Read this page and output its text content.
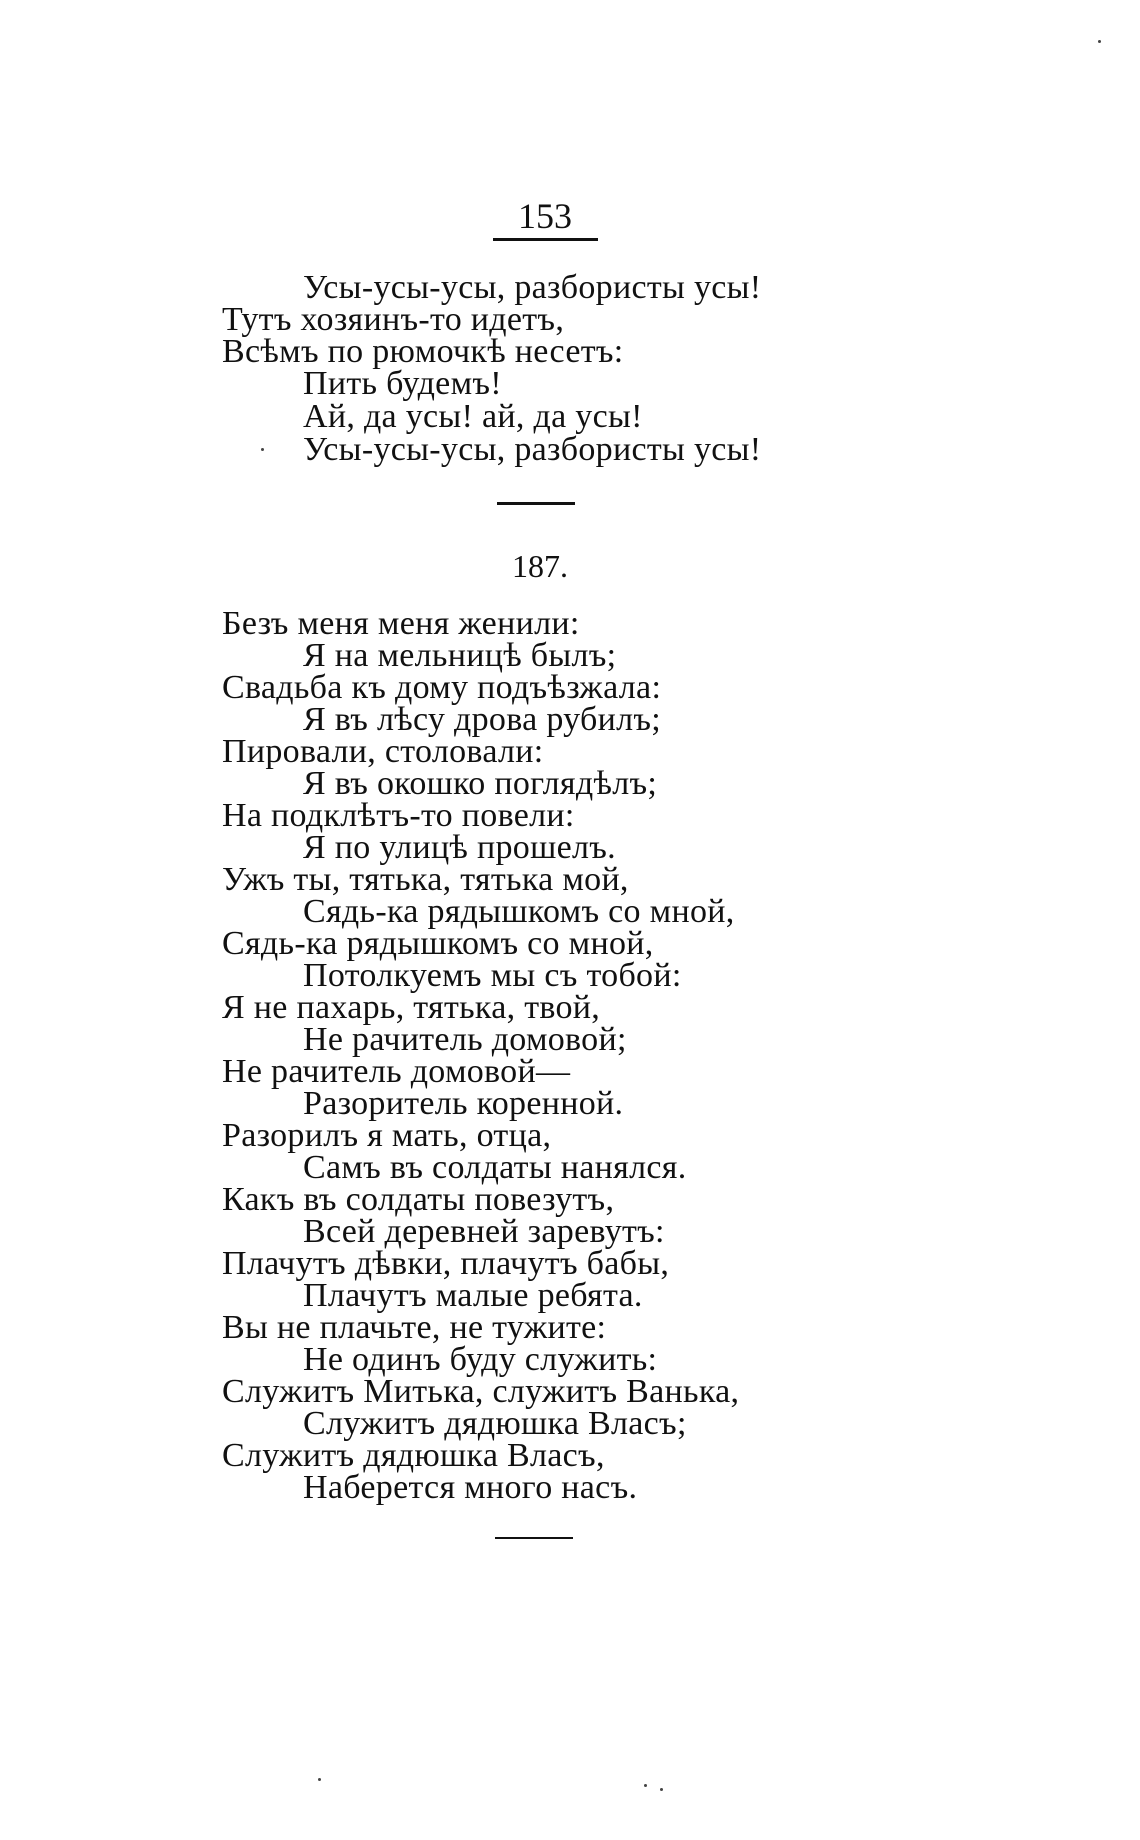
153
Усы-усы-усы, разбористы усы!
Тутъ хозяинъ-то идетъ,
Всѣмъ по рюмочкѣ несетъ:
Пить будемъ!
Ай, да усы! ай, да усы!
Усы-усы-усы, разбористы усы!
187.
Безъ меня меня женили:
Я на мельницѣ былъ;
Свадьба къ дому подъѣзжала:
Я въ лѣсу дрова рубилъ;
Пировали, столовали:
Я въ окошко поглядѣлъ;
На подклѣтъ-то повели:
Я по улицѣ прошелъ.
Ужъ ты, тятька, тятька мой,
Сядь-ка рядышкомъ со мной,
Сядь-ка рядышкомъ со мной,
Потолкуемъ мы съ тобой:
Я не пахарь, тятька, твой,
Не рачитель домовой;
Не рачитель домовой—
Разоритель коренной.
Разорилъ я мать, отца,
Самъ въ солдаты нанялся.
Какъ въ солдаты повезутъ,
Всей деревней заревутъ:
Плачутъ дѣвки, плачутъ бабы,
Плачутъ малые ребята.
Вы не плачьте, не тужите:
Не одинъ буду служить:
Служитъ Митька, служитъ Ванька,
Служитъ дядюшка Власъ;
Служитъ дядюшка Власъ,
Наберется много насъ.
